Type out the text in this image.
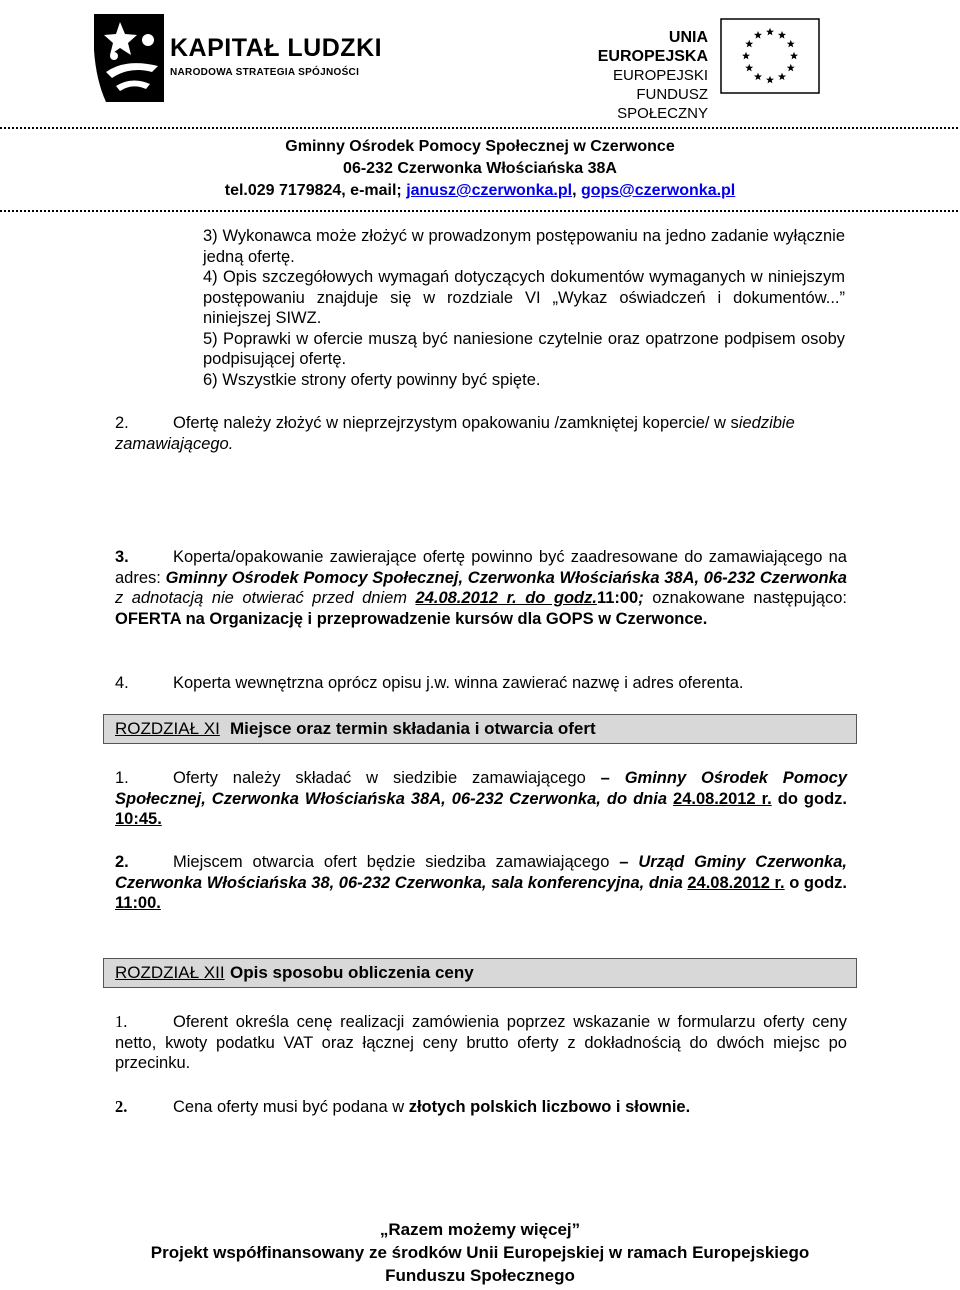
KAPITAŁ LUDZKI
NARODOWA STRATEGIA SPÓJNOŚCI
UNIA EUROPEJSKA
EUROPEJSKI
FUNDUSZ SPOŁECZNY
Gminny Ośrodek Pomocy Społecznej w Czerwonce
06-232 Czerwonka Włościańska 38A
tel.029 7179824, e-mail; janusz@czerwonka.pl, gops@czerwonka.pl
3) Wykonawca może złożyć w prowadzonym postępowaniu na jedno zadanie wyłącznie jedną ofertę.
4) Opis szczegółowych wymagań dotyczących dokumentów wymaganych w niniejszym postępowaniu znajduje się w rozdziale VI „Wykaz oświadczeń i dokumentów...” niniejszej SIWZ.
5) Poprawki w ofercie muszą być naniesione czytelnie oraz opatrzone podpisem osoby podpisującej ofertę.
6) Wszystkie strony oferty powinny być spięte.
2.	Ofertę należy złożyć w nieprzejrzystym opakowaniu /zamkniętej kopercie/ w siedzibie zamawiającego.
3.	Koperta/opakowanie zawierające ofertę powinno być zaadresowane do zamawiającego na adres: Gminny Ośrodek Pomocy Społecznej, Czerwonka Włościańska 38A, 06-232 Czerwonka z adnotacją nie otwierać przed dniem 24.08.2012 r. do godz.11:00; oznakowane następująco: OFERTA na Organizację i przeprowadzenie kursów dla GOPS w Czerwonce.
4.	Koperta wewnętrzna oprócz opisu j.w. winna zawierać nazwę i adres oferenta.
ROZDZIAŁ XI Miejsce oraz termin składania i otwarcia ofert
1.	Oferty należy składać w siedzibie zamawiającego – Gminny Ośrodek Pomocy Społecznej, Czerwonka Włościańska 38A, 06-232 Czerwonka, do dnia 24.08.2012 r. do godz. 10:45.
2.	Miejscem otwarcia ofert będzie siedziba zamawiającego – Urząd Gminy Czerwonka, Czerwonka Włościańska 38, 06-232 Czerwonka, sala konferencyjna, dnia 24.08.2012 r. o godz. 11:00.
ROZDZIAŁ XII Opis sposobu obliczenia ceny
1.	Oferent określa cenę realizacji zamówienia poprzez wskazanie w formularzu oferty ceny netto, kwoty podatku VAT oraz łącznej ceny brutto oferty z dokładnością do dwóch miejsc po przecinku.
2.	Cena oferty musi być podana w złotych polskich liczbowo i słownie.
„Razem możemy więcej”
Projekt współfinansowany ze środków Unii Europejskiej w ramach Europejskiego Funduszu Społecznego
